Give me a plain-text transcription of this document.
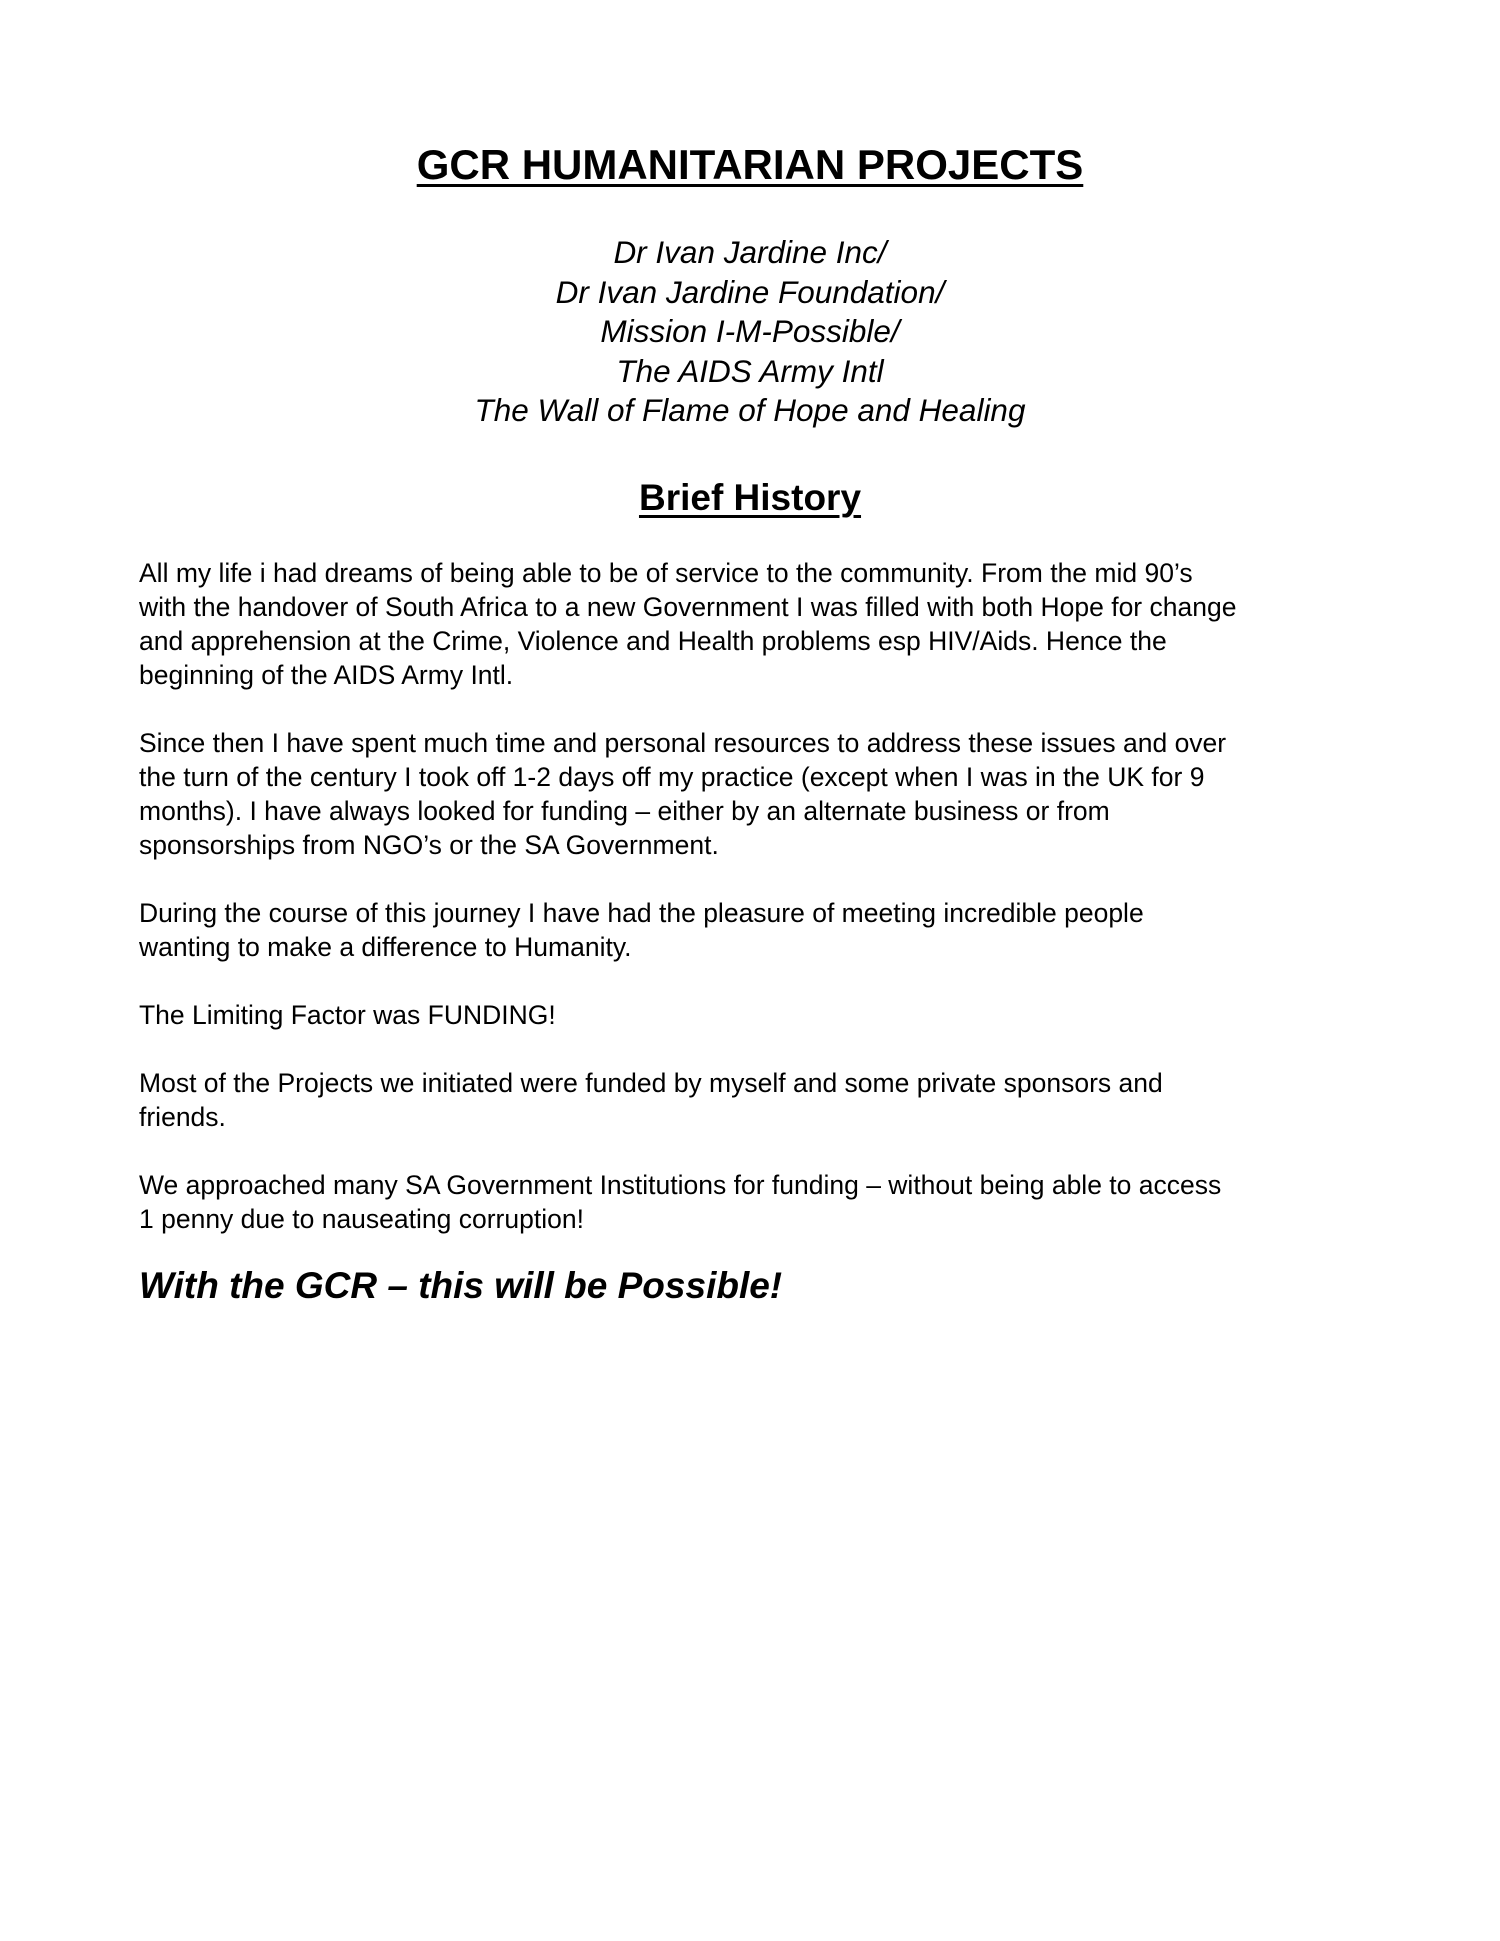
GCR HUMANITARIAN PROJECTS
Dr Ivan Jardine Inc/
Dr Ivan Jardine Foundation/
Mission I-M-Possible/
The AIDS Army Intl
The Wall of Flame of Hope and Healing
Brief History

All my life i had dreams of being able to be of service to the community. From the mid 90’s
with the handover of South Africa to a new Government I was filled with both Hope for change
and apprehension at the Crime, Violence and Health problems esp HIV/Aids. Hence the
beginning of the AIDS Army Intl.

Since then I have spent much time and personal resources to address these issues and over
the turn of the century I took off 1-2 days off my practice (except when I was in the UK for 9
months). I have always looked for funding – either by an alternate business or from
sponsorships from NGO’s or the SA Government.

During the course of this journey I have had the pleasure of meeting incredible people
wanting to make a difference to Humanity.

The Limiting Factor was FUNDING!

Most of the Projects we initiated were funded by myself and some private sponsors and
friends.

We approached many SA Government Institutions for funding – without being able to access
1 penny due to nauseating corruption!

With the GCR – this will be Possible!
